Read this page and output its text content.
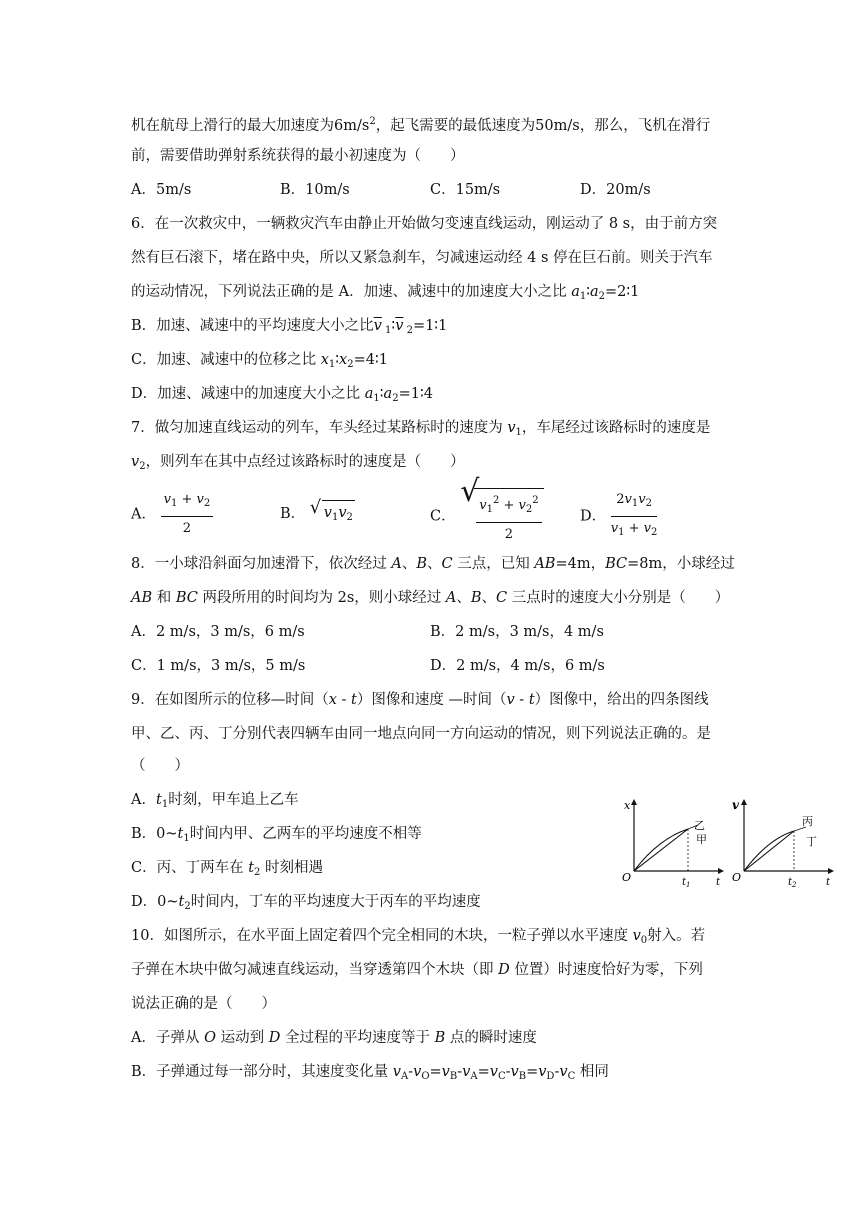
机在航母上滑行的最大加速度为$6m/s^2$，起飞需要的最低速度为50m/s，那么，飞机在滑行
前，需要借助弹射系统获得的最小初速度为（　　）
A．5m/s	B．10m/s	C．15m/s	D．20m/s
6．在一次救灾中，一辆救灾汽车由静止开始做匀变速直线运动，刚运动了 8 s，由于前方突
然有巨石滚下，堵在路中央，所以又紧急刹车，匀减速运动经 4 s 停在巨石前。则关于汽车
的运动情况，下列说法正确的是 A．加速、减速中的加速度大小之比 $a_1∶a_2=2∶1$
B．加速、减速中的平均速度大小之比$\overline{v}$ $_1∶\overline{v}$ $_2$=1∶1
C．加速、减速中的位移之比 $x_1∶x_2=4∶1$
D．加速、减速中的加速度大小之比 $a_1∶a_2=1∶4$
7．做匀加速直线运动的列车，车头经过某路标时的速度为 $v_1$，车尾经过该路标时的速度是
$v_2$，则列车在其中点经过该路标时的速度是（　　）
A． $\frac{v_1 + v_2}{2}$	B． √ $v_1v_2$	C．
√
$\frac{v_1^2 + v_2^2}{2}$	D． $\frac{2v_1v_2}{v_1 + v_2}$
8．一小球沿斜面匀加速滑下，依次经过 A、B、C 三点，已知 AB=4m，BC=8m，小球经过
AB 和 BC 两段所用的时间均为 2s，则小球经过 A、B、C 三点时的速度大小分别是（　　）
A．2 m/s，3 m/s，6 m/s	B．2 m/s，3 m/s，4 m/s
C．1 m/s，3 m/s，5 m/s	D．2 m/s，4 m/s，6 m/s
9．在如图所示的位移—时间（x - t）图像和速度 —时间（v - t）图像中，给出的四条图线
甲、乙、丙、丁分别代表四辆车由同一地点向同一方向运动的情况，则下列说法正确的。是
（　　）
A．$t_1$时刻，甲车追上乙车
B．$0\sim t_1$时间内甲、乙两车的平均速度不相等
C．丙、丁两车在 $t_2$ 时刻相遇
D．$0\sim t_2$时间内，丁车的平均速度大于丙车的平均速度
x
O	t
$t_1$
乙
甲
v
O	t
$t_2$
丙
丁
10．如图所示，在水平面上固定着四个完全相同的木块，一粒子弹以水平速度 $v_0$射入。若
子弹在木块中做匀减速直线运动，当穿透第四个木块（即 D 位置）时速度恰好为零，下列
说法正确的是（　　）
A．子弹从 O 运动到 D 全过程的平均速度等于 B 点的瞬时速度
B．子弹通过每一部分时，其速度变化量 $v_A-v_O=v_B-v_A=v_C-v_B=v_D-v_C$ 相同
